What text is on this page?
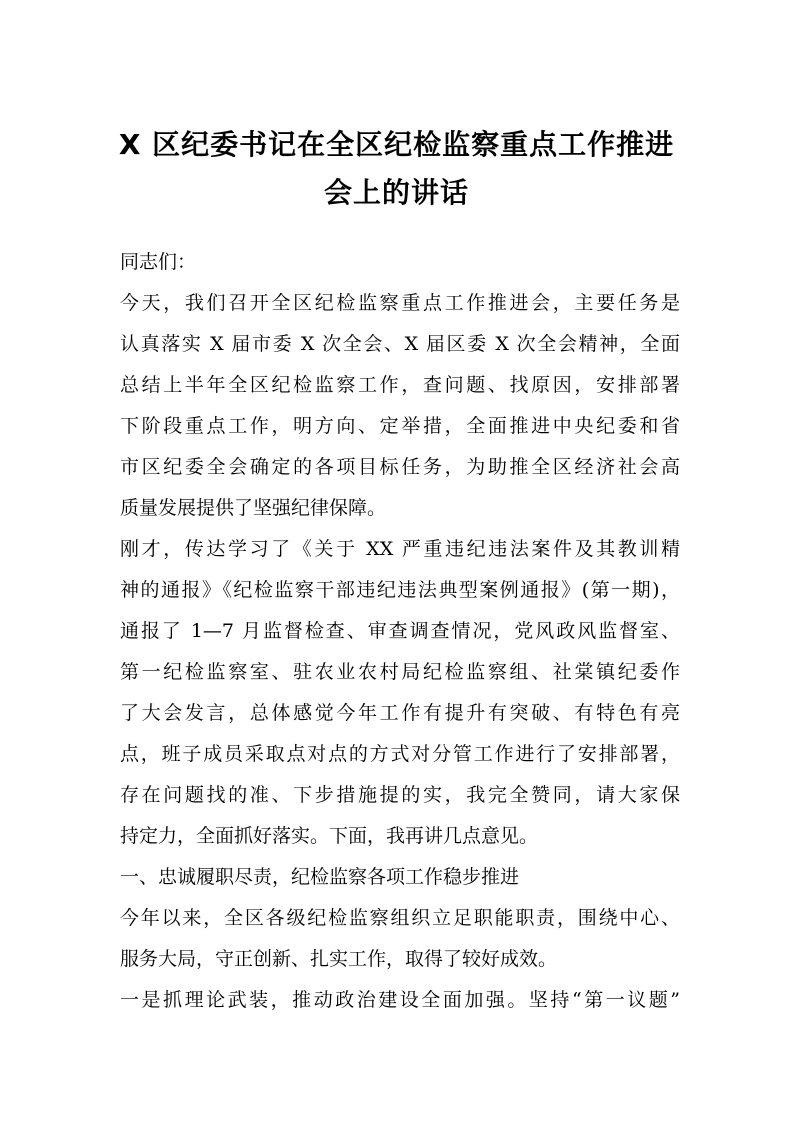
X 区纪委书记在全区纪检监察重点工作推进
会上的讲话

同志们：

今天，我们召开全区纪检监察重点工作推进会，主要任务是

认真落实 X 届市委 X 次全会、X 届区委 X 次全会精神，全面

总结上半年全区纪检监察工作，查问题、找原因，安排部署

下阶段重点工作，明方向、定举措，全面推进中央纪委和省

市区纪委全会确定的各项目标任务，为助推全区经济社会高

质量发展提供了坚强纪律保障。

刚才，传达学习了《关于 XX 严重违纪违法案件及其教训精

神的通报》《纪检监察干部违纪违法典型案例通报》(第一期)，

通报了 1—7 月监督检查、审查调查情况，党风政风监督室、

第一纪检监察室、驻农业农村局纪检监察组、社棠镇纪委作

了大会发言，总体感觉今年工作有提升有突破、有特色有亮

点，班子成员采取点对点的方式对分管工作进行了安排部署，

存在问题找的准、下步措施提的实，我完全赞同，请大家保

持定力，全面抓好落实。下面，我再讲几点意见。

一、忠诚履职尽责，纪检监察各项工作稳步推进

今年以来，全区各级纪检监察组织立足职能职责，围绕中心、

服务大局，守正创新、扎实工作，取得了较好成效。

一是抓理论武装，推动政治建设全面加强。坚持“第一议题”
